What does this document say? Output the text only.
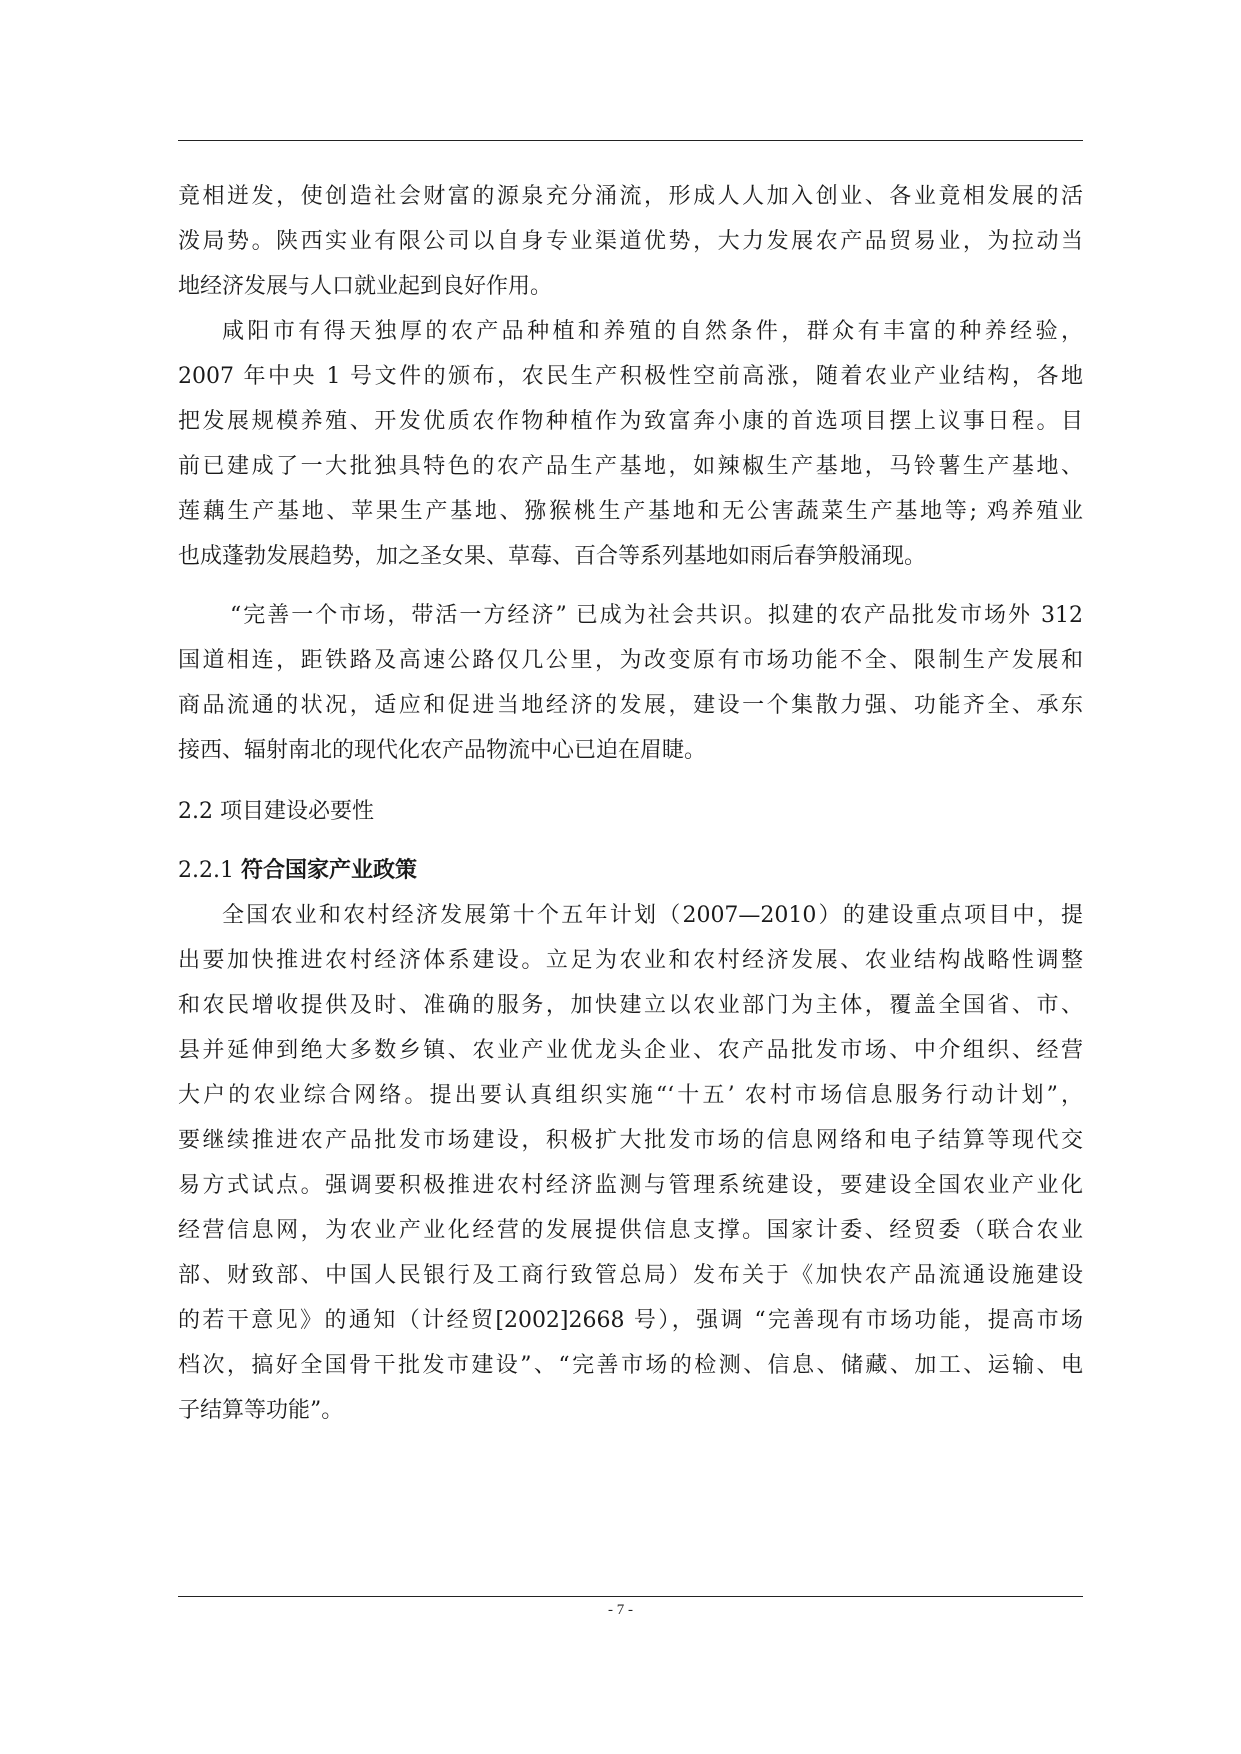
竟相迸发，使创造社会财富的源泉充分涌流，形成人人加入创业、各业竟相发展的活
泼局势。陕西实业有限公司以自身专业渠道优势，大力发展农产品贸易业，为拉动当
地经济发展与人口就业起到良好作用。
咸阳市有得天独厚的农产品种植和养殖的自然条件，群众有丰富的种养经验，
2007 年中央 1 号文件的颁布，农民生产积极性空前高涨，随着农业产业结构，各地
把发展规模养殖、开发优质农作物种植作为致富奔小康的首选项目摆上议事日程。目
前已建成了一大批独具特色的农产品生产基地，如辣椒生产基地，马铃薯生产基地、
莲藕生产基地、苹果生产基地、猕猴桃生产基地和无公害蔬菜生产基地等; 鸡养殖业
也成蓬勃发展趋势，加之圣女果、草莓、百合等系列基地如雨后春笋般涌现。
“完善一个市场，带活一方经济” 已成为社会共识。拟建的农产品批发市场外 312
国道相连，距铁路及高速公路仅几公里，为改变原有市场功能不全、限制生产发展和
商品流通的状况，适应和促进当地经济的发展，建设一个集散力强、功能齐全、承东
接西、辐射南北的现代化农产品物流中心已迫在眉睫。
2.2 项目建设必要性
2.2.1 符合国家产业政策
全国农业和农村经济发展第十个五年计划（2007—2010）的建设重点项目中，提
出要加快推进农村经济体系建设。立足为农业和农村经济发展、农业结构战略性调整
和农民增收提供及时、准确的服务，加快建立以农业部门为主体，覆盖全国省、市、
县并延伸到绝大多数乡镇、农业产业优龙头企业、农产品批发市场、中介组织、经营
大户的农业综合网络。提出要认真组织实施“‘十五’ 农村市场信息服务行动计划”，
要继续推进农产品批发市场建设，积极扩大批发市场的信息网络和电子结算等现代交
易方式试点。强调要积极推进农村经济监测与管理系统建设，要建设全国农业产业化
经营信息网，为农业产业化经营的发展提供信息支撑。国家计委、经贸委（联合农业
部、财致部、中国人民银行及工商行致管总局）发布关于《加快农产品流通设施建设
的若干意见》的通知（计经贸[2002]2668 号），强调 “完善现有市场功能，提高市场
档次，搞好全国骨干批发市建设”、“完善市场的检测、信息、储藏、加工、运输、电
子结算等功能”。
- 7 -
